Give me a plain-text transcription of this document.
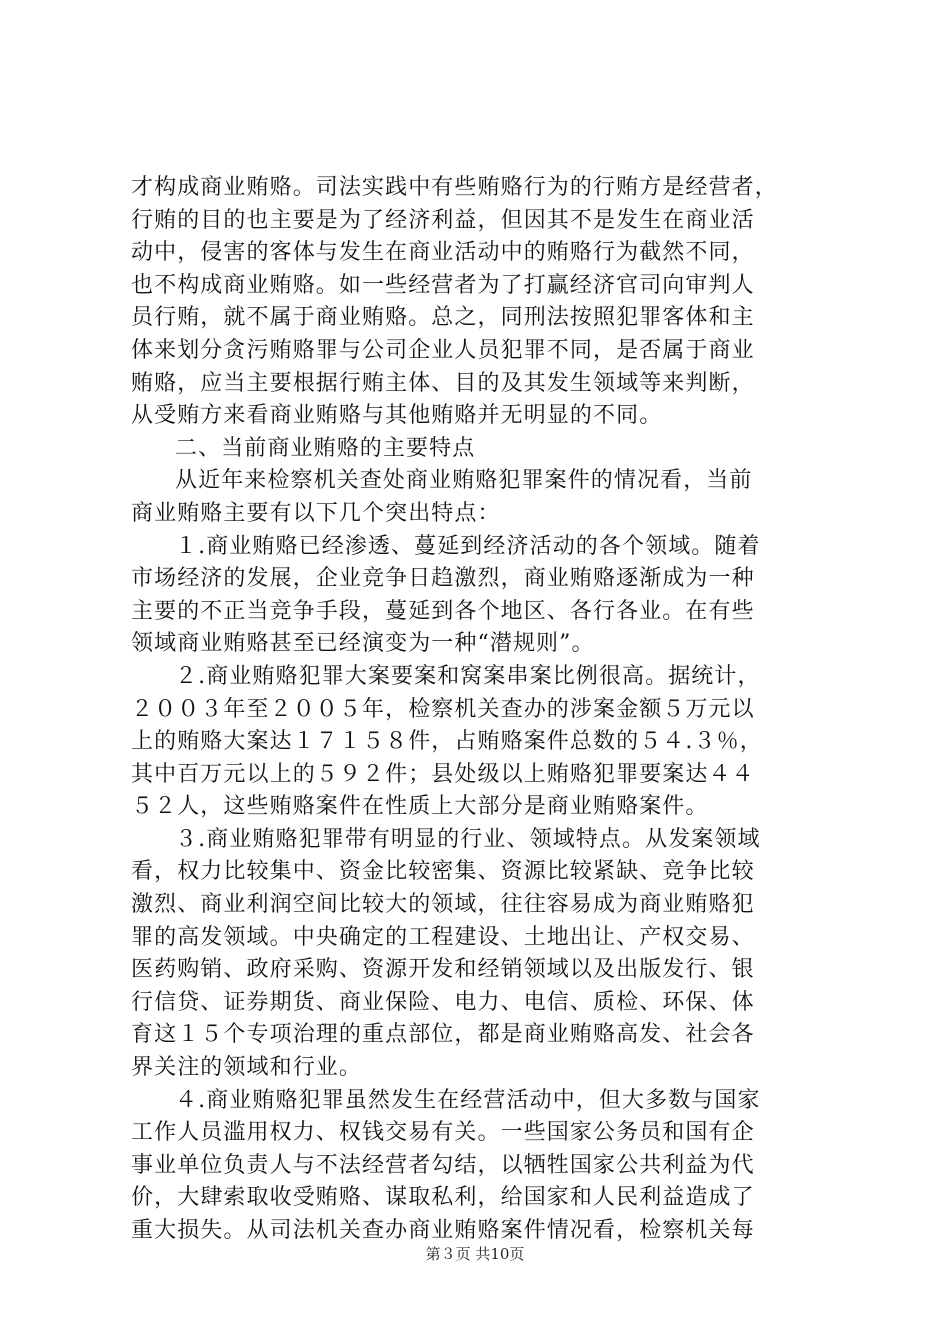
才构成商业贿赂。司法实践中有些贿赂行为的行贿方是经营者，
行贿的目的也主要是为了经济利益，但因其不是发生在商业活
动中，侵害的客体与发生在商业活动中的贿赂行为截然不同，
也不构成商业贿赂。如一些经营者为了打赢经济官司向审判人
员行贿，就不属于商业贿赂。总之，同刑法按照犯罪客体和主
体来划分贪污贿赂罪与公司企业人员犯罪不同，是否属于商业
贿赂，应当主要根据行贿主体、目的及其发生领域等来判断，
从受贿方来看商业贿赂与其他贿赂并无明显的不同。
二、当前商业贿赂的主要特点
从近年来检察机关查处商业贿赂犯罪案件的情况看，当前
商业贿赂主要有以下几个突出特点：
１.商业贿赂已经渗透、蔓延到经济活动的各个领域。随着
市场经济的发展，企业竞争日趋激烈，商业贿赂逐渐成为一种
主要的不正当竞争手段，蔓延到各个地区、各行各业。在有些
领域商业贿赂甚至已经演变为一种“潜规则”。
２.商业贿赂犯罪大案要案和窝案串案比例很高。据统计，
２００３年至２００５年，检察机关查办的涉案金额５万元以
上的贿赂大案达１７１５８件，占贿赂案件总数的５４.３％，
其中百万元以上的５９２件；县处级以上贿赂犯罪要案达４４
５２人，这些贿赂案件在性质上大部分是商业贿赂案件。
３.商业贿赂犯罪带有明显的行业、领域特点。从发案领域
看，权力比较集中、资金比较密集、资源比较紧缺、竞争比较
激烈、商业利润空间比较大的领域，往往容易成为商业贿赂犯
罪的高发领域。中央确定的工程建设、土地出让、产权交易、
医药购销、政府采购、资源开发和经销领域以及出版发行、银
行信贷、证券期货、商业保险、电力、电信、质检、环保、体
育这１５个专项治理的重点部位，都是商业贿赂高发、社会各
界关注的领域和行业。
４.商业贿赂犯罪虽然发生在经营活动中，但大多数与国家
工作人员滥用权力、权钱交易有关。一些国家公务员和国有企
事业单位负责人与不法经营者勾结，以牺牲国家公共利益为代
价，大肆索取收受贿赂、谋取私利，给国家和人民利益造成了
重大损失。从司法机关查办商业贿赂案件情况看，检察机关每
第３页 共10页
